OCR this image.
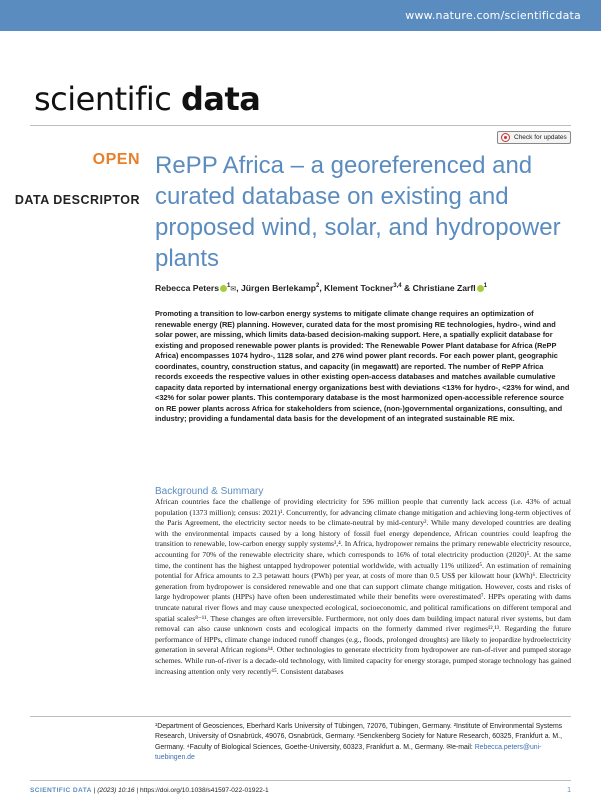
www.nature.com/scientificdata
scientific data
Check for updates
OPEN
DATA DESCRIPTOR
RePP Africa – a georeferenced and curated database on existing and proposed wind, solar, and hydropower plants
Rebecca Peters $^1$✉, Jürgen Berlekamp$^2$, Klement Tockner$^{3,4}$ & Christiane Zarfl $^1$

Promoting a transition to low-carbon energy systems to mitigate climate change requires an optimization of renewable energy (RE) planning. However, curated data for the most promising RE technologies, hydro-, wind and solar power, are missing, which limits data-based decision-making support. Here, a spatially explicit database for existing and proposed renewable power plants is provided: The Renewable Power Plant database for Africa (RePP Africa) encompasses 1074 hydro-, 1128 solar, and 276 wind power plant records. For each power plant, geographic coordinates, country, construction status, and capacity (in megawatt) are reported. The number of RePP Africa records exceeds the respective values in other existing open-access databases and matches available cumulative capacity data reported by international energy organizations best with deviations <13% for hydro-, <23% for wind, and <32% for solar power plants. This contemporary database is the most harmonized open-accessible reference source on RE power plants across Africa for stakeholders from science, (non-)governmental organizations, consulting, and industry; providing a fundamental data basis for the development of an integrated sustainable RE mix.

Background & Summary

African countries face the challenge of providing electricity for 596 million people that currently lack access (i.e. 43% of actual population (1373 million); census: 2021)¹. Concurrently, for advancing climate change mitigation and achieving long-term objectives of the Paris Agreement, the electricity sector needs to be climate-neutral by mid-century². While many developed countries are dealing with the environmental impacts caused by a long history of fossil fuel energy dependence, African countries could leapfrog the transition to renewable, low-carbon energy supply systems³,⁴. In Africa, hydropower remains the primary renewable electricity resource, accounting for 70% of the renewable electricity share, which corresponds to 16% of total electricity production (2020)⁵. At the same time, the continent has the highest untapped hydropower potential worldwide, with actually 11% utilized⁵. An estimation of remaining potential for Africa amounts to 2.3 petawatt hours (PWh) per year, at costs of more than 0.5 US$ per kilowatt hour (kWh)⁶. Electricity generation from hydropower is considered renewable and one that can support climate change mitigation. However, costs and risks of large hydropower plants (HPPs) have often been underestimated while their benefits were overestimated⁷. HPPs operating with dams truncate natural river flows and may cause unexpected ecological, socioeconomic, and political ramifications on different temporal and spatial scales⁸⁻¹¹. These changes are often irreversible. Furthermore, not only does dam building impact natural river systems, but dam removal can also cause unknown costs and ecological impacts on the formerly dammed river regimes¹²,¹³. Regarding the future performance of HPPs, climate change induced runoff changes (e.g., floods, prolonged droughts) are likely to jeopardize hydroelectricity generation in several African regions¹⁴. Other technologies to generate electricity from hydropower are run-of-river and pumped storage schemes. While run-of-river is a decade-old technology, with limited capacity for energy storage, pumped storage technology has gained increasing attention only very recently¹⁵. Consistent databases

¹Department of Geosciences, Eberhard Karls University of Tübingen, 72076, Tübingen, Germany. ²Institute of Environmental Systems Research, University of Osnabrück, 49076, Osnabrück, Germany. ³Senckenberg Society for Nature Research, 60325, Frankfurt a. M., Germany. ⁴Faculty of Biological Sciences, Goethe-University, 60323, Frankfurt a. M., Germany. ✉e-mail: Rebecca.peters@uni-tuebingen.de

SCIENTIFIC DATA | (2023) 10:16 | https://doi.org/10.1038/s41597-022-01922-1	1
